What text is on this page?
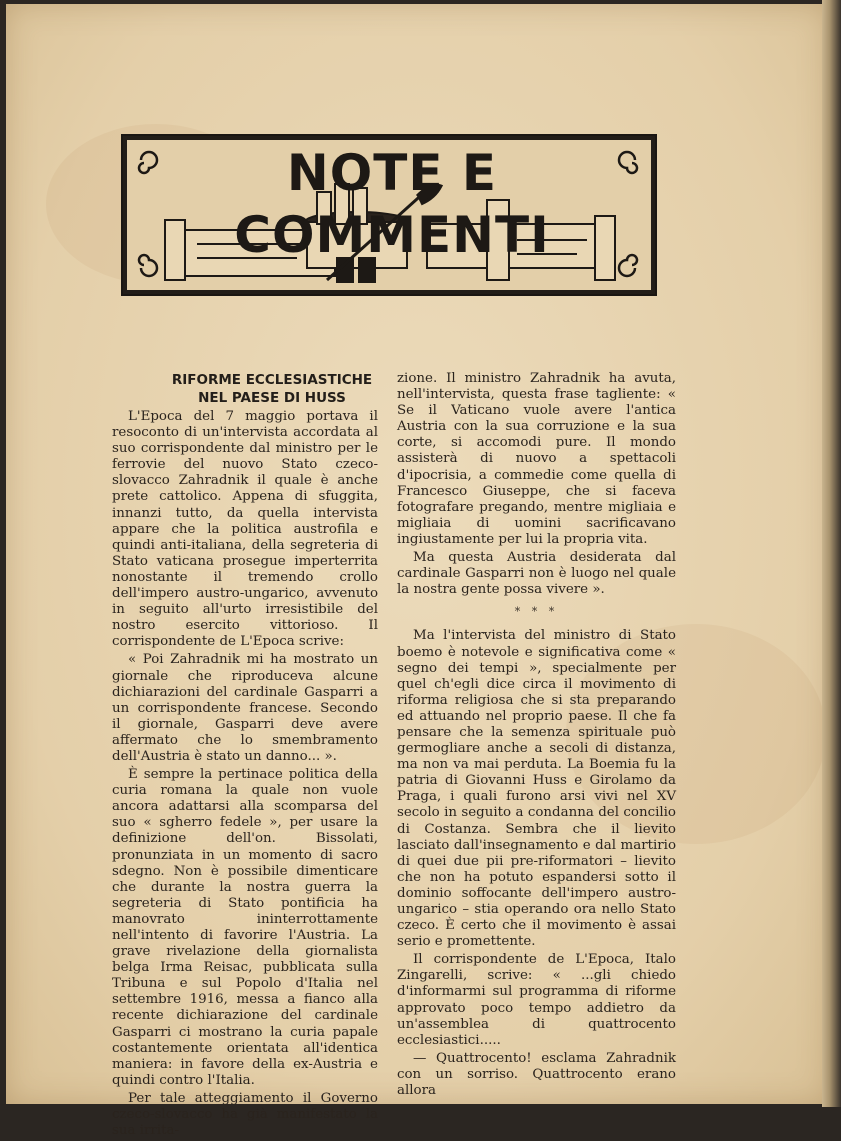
NOTE E COMMENTI
RIFORME ECCLESIASTICHE
NEL PAESE DI HUSS

L'Epoca del 7 maggio portava il resoconto di un'intervista accordata al suo corrispondente dal ministro per le ferrovie del nuovo Stato czeco-slovacco Zahradnik il quale è anche prete cattolico. Appena di sfuggita, innanzi tutto, da quella intervista appare che la politica austrofila e quindi anti-italiana, della segreteria di Stato vaticana prosegue imperterrita nonostante il tremendo crollo dell'impero austro-ungarico, avvenuto in seguito all'urto irresistibile del nostro esercito vittorioso. Il corrispondente de L'Epoca scrive:

« Poi Zahradnik mi ha mostrato un giornale che riproduceva alcune dichiarazioni del cardinale Gasparri a un corrispondente francese. Secondo il giornale, Gasparri deve avere affermato che lo smembramento dell'Austria è stato un danno... ».

È sempre la pertinace politica della curia romana la quale non vuole ancora adattarsi alla scomparsa del suo « sgherro fedele », per usare la definizione dell'on. Bissolati, pronunziata in un momento di sacro sdegno. Non è possibile dimenticare che durante la nostra guerra la segreteria di Stato pontificia ha manovrato ininterrottamente nell'intento di favorire l'Austria. La grave rivelazione della giornalista belga Irma Reisac, pubblicata sulla Tribuna e sul Popolo d'Italia nel settembre 1916, messa a fianco alla recente dichiarazione del cardinale Gasparri ci mostrano la curia papale costantemente orientata all'identica maniera: in favore della ex-Austria e quindi contro l'Italia.

Per tale atteggiamento il Governo czeco-slovacco ha già manifestato la sua irrita-

zione. Il ministro Zahradnik ha avuta, nell'intervista, questa frase tagliente: « Se il Vaticano vuole avere l'antica Austria con la sua corruzione e la sua corte, si accomodi pure. Il mondo assisterà di nuovo a spettacoli d'ipocrisia, a commedie come quella di Francesco Giuseppe, che si faceva fotografare pregando, mentre migliaia e migliaia di uomini sacrificavano ingiustamente per lui la propria vita.

Ma questa Austria desiderata dal cardinale Gasparri non è luogo nel quale la nostra gente possa vivere ».

* * *

Ma l'intervista del ministro di Stato boemo è notevole e significativa come « segno dei tempi », specialmente per quel ch'egli dice circa il movimento di riforma religiosa che si sta preparando ed attuando nel proprio paese. Il che fa pensare che la semenza spirituale può germogliare anche a secoli di distanza, ma non va mai perduta. La Boemia fu la patria di Giovanni Huss e Girolamo da Praga, i quali furono arsi vivi nel XV secolo in seguito a condanna del concilio di Costanza. Sembra che il lievito lasciato dall'insegnamento e dal martirio di quei due pii pre-riformatori – lievito che non ha potuto espandersi sotto il dominio soffocante dell'impero austro-ungarico – stia operando ora nello Stato czeco. È certo che il movimento è assai serio e promettente.

Il corrispondente de L'Epoca, Italo Zingarelli, scrive: « ...gli chiedo d'informarmi sul programma di riforme approvato poco tempo addietro da un'assemblea di quattrocento ecclesiastici.....

— Quattrocento! esclama Zahradnik con un sorriso. Quattrocento erano allora
